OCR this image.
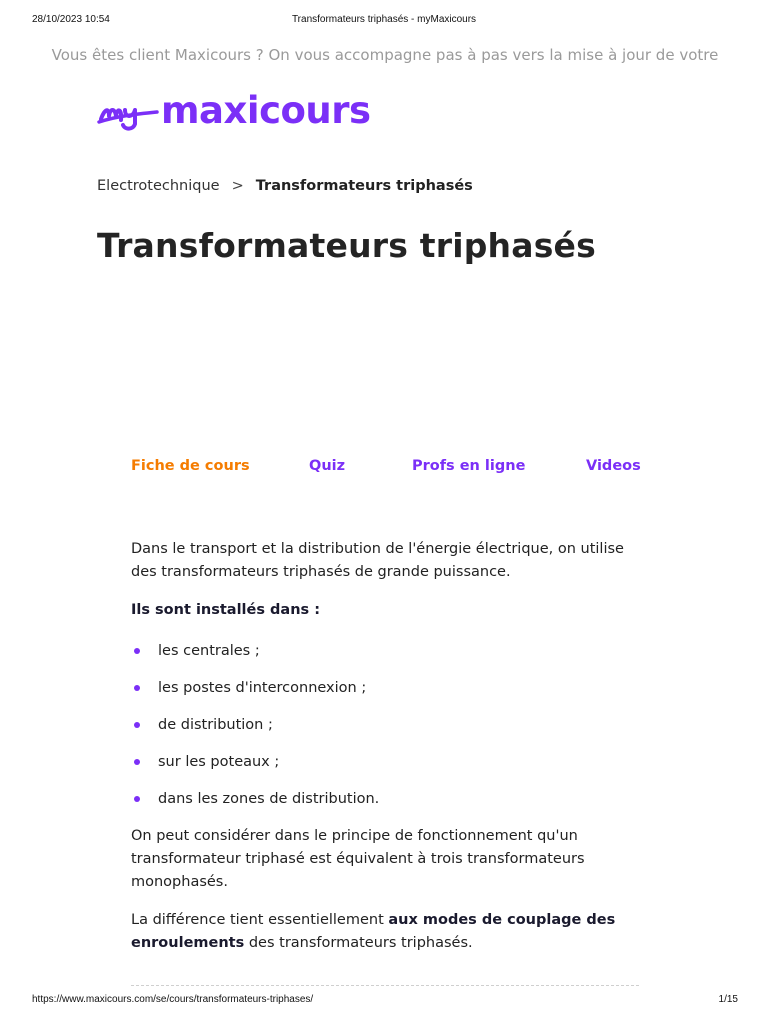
28/10/2023 10:54	Transformateurs triphasés - myMaxicours
Vous êtes client Maxicours ? On vous accompagne pas à pas vers la mise à jour de votre
maxicours
Electrotechnique > Transformateurs triphasés
Transformateurs triphasés
Fiche de cours	Quiz	Profs en ligne	Videos

Dans le transport et la distribution de l'énergie électrique, on utilise des transformateurs triphasés de grande puissance.

Ils sont installés dans :

les centrales ;
les postes d'interconnexion ;
de distribution ;
sur les poteaux ;
dans les zones de distribution.

On peut considérer dans le principe de fonctionnement qu'un transformateur triphasé est équivalent à trois transformateurs monophasés.

La différence tient essentiellement aux modes de couplage des enroulements des transformateurs triphasés.

https://www.maxicours.com/se/cours/transformateurs-triphases/	1/15
